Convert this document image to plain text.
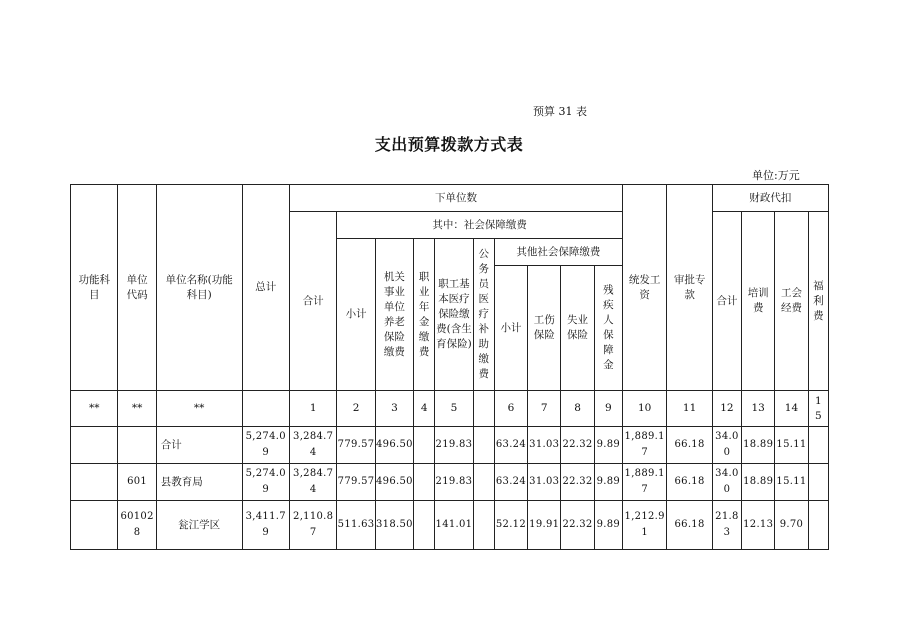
预算 31 表
支出预算拨款方式表
单位:万元
功能科目	单位代码	单位名称(功能科目)	总计	下单位数										统发工资	审批专款	财政代扣			
				合计	其中：社会保障缴费											合计	培训费	工会经费	福利费
					小计	机关事业单位养老保险缴费	职业年金缴费	职工基本医疗保险缴费(含生育保险)	公务员医疗补助缴费	其他社会保障缴费									
										小计	工伤保险	失业保险	残疾人保障金						
**	**	**		1	2	3	4	5		6	7	8	9	10	11	12	13	14	15
		合计	5,274.09	3,284.74	779.57	496.50		219.83		63.24	31.03	22.32	9.89	1,889.17	66.18	34.00	18.89	15.11	
	601	县教育局	5,274.09	3,284.74	779.57	496.50		219.83		63.24	31.03	22.32	9.89	1,889.17	66.18	34.00	18.89	15.11	
	601028	瓮江学区	3,411.79	2,110.87	511.63	318.50		141.01		52.12	19.91	22.32	9.89	1,212.91	66.18	21.83	12.13	9.70	
